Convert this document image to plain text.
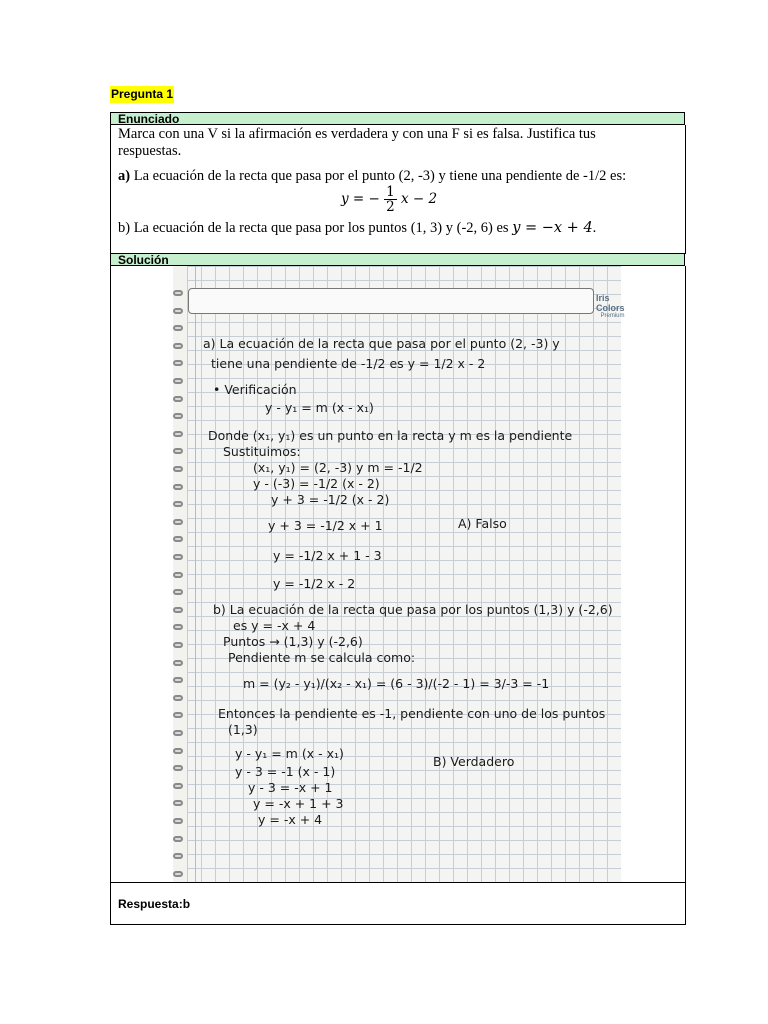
Pregunta 1
Enunciado
Marca con una V si la afirmación es verdadera y con una F si es falsa. Justifica tus respuestas.
a) La ecuación de la recta que pasa por el punto (2, -3) y tiene una pendiente de -1/2 es:
y = − $\frac{1}{2}$ x − 2
b) La ecuación de la recta que pasa por los puntos (1, 3) y (-2, 6) es y = −x + 4.
Solución
Iris Colors
Premium
a) La ecuación de la recta que pasa por el punto (2, -3) y
tiene una pendiente de -1/2 es y = 1/2 x - 2
• Verificación
y - y₁ = m (x - x₁)
Donde (x₁, y₁) es un punto en la recta y m es la pendiente
Sustituimos:
(x₁, y₁) = (2, -3) y m = -1/2
y - (-3) = -1/2 (x - 2)
y + 3 = -1/2 (x - 2)
y + 3 = -1/2 x + 1	A) Falso
y = -1/2 x + 1 - 3
y = -1/2 x - 2
b) La ecuación de la recta que pasa por los puntos (1,3) y (-2,6)
es y = -x + 4
Puntos → (1,3) y (-2,6)
Pendiente m se calcula como:
m = (y₂ - y₁)/(x₂ - x₁) = (6 - 3)/(-2 - 1) = 3/-3 = -1
Entonces la pendiente es -1, pendiente con uno de los puntos
(1,3)
y - y₁ = m (x - x₁)
B) Verdadero
y - 3 = -1 (x - 1)
y - 3 = -x + 1
y = -x + 1 + 3
y = -x + 4
Respuesta:b
